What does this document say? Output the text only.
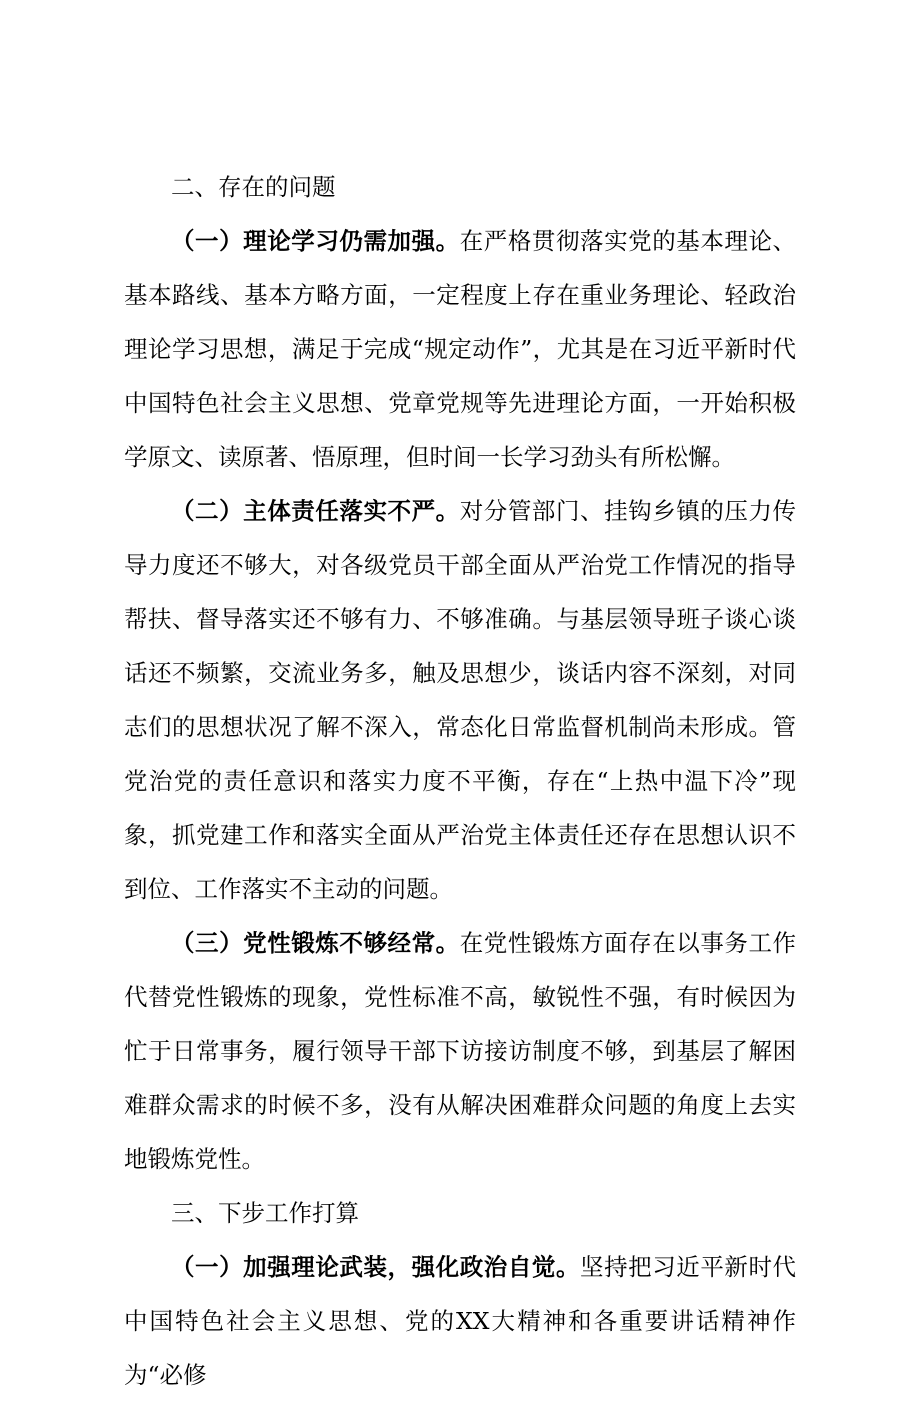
二、存在的问题

（一）理论学习仍需加强。在严格贯彻落实党的基本理论、基本路线、基本方略方面，一定程度上存在重业务理论、轻政治理论学习思想，满足于完成“规定动作”，尤其是在习近平新时代中国特色社会主义思想、党章党规等先进理论方面，一开始积极学原文、读原著、悟原理，但时间一长学习劲头有所松懈。

（二）主体责任落实不严。对分管部门、挂钩乡镇的压力传导力度还不够大，对各级党员干部全面从严治党工作情况的指导帮扶、督导落实还不够有力、不够准确。与基层领导班子谈心谈话还不频繁，交流业务多，触及思想少，谈话内容不深刻，对同志们的思想状况了解不深入，常态化日常监督机制尚未形成。管党治党的责任意识和落实力度不平衡，存在“上热中温下冷”现象，抓党建工作和落实全面从严治党主体责任还存在思想认识不到位、工作落实不主动的问题。

（三）党性锻炼不够经常。在党性锻炼方面存在以事务工作代替党性锻炼的现象，党性标准不高，敏锐性不强，有时候因为忙于日常事务，履行领导干部下访接访制度不够，到基层了解困难群众需求的时候不多，没有从解决困难群众问题的角度上去实地锻炼党性。

三、下步工作打算

（一）加强理论武装，强化政治自觉。坚持把习近平新时代中国特色社会主义思想、党的XX大精神和各重要讲话精神作为“必修
